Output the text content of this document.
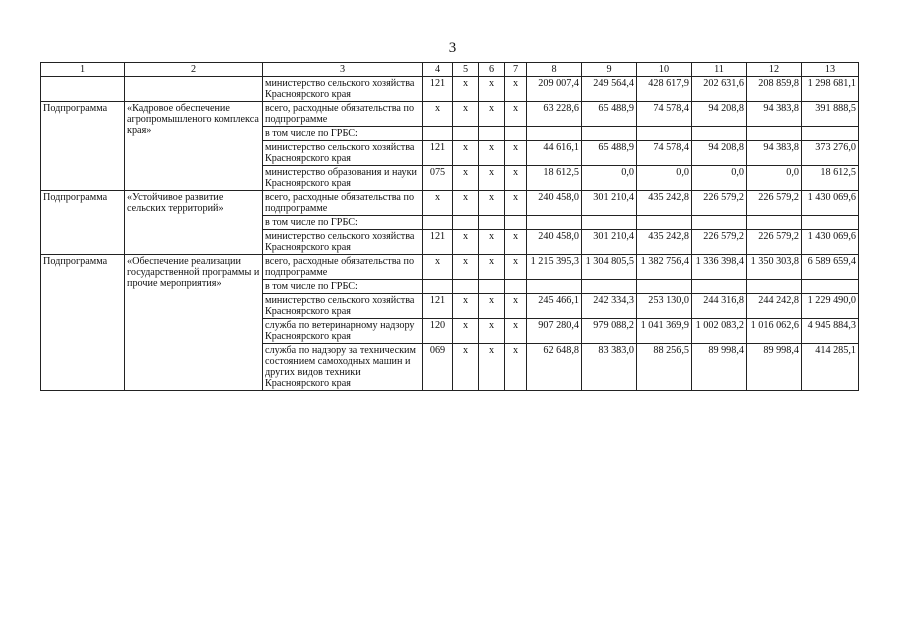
3
1	2	3	4	5	6	7	8	9	10	11	12	13
		министерство сельского хозяйства Красноярского края	121	х	х	х	209 007,4	249 564,4	428 617,9	202 631,6	208 859,8	1 298 681,1
Подпрограмма	«Кадровое обеспечение агропромышленого комплекса края»	всего, расходные обязательства по подпрограмме	х	х	х	х	63 228,6	65 488,9	74 578,4	94 208,8	94 383,8	391 888,5
		в том числе по ГРБС:										
		министерство сельского хозяйства Красноярского края	121	х	х	х	44 616,1	65 488,9	74 578,4	94 208,8	94 383,8	373 276,0
		министерство образования и науки Красноярского края	075	х	х	х	18 612,5	0,0	0,0	0,0	0,0	18 612,5
Подпрограмма	«Устойчивое развитие сельских территорий»	всего, расходные обязательства по подпрограмме	х	х	х	х	240 458,0	301 210,4	435 242,8	226 579,2	226 579,2	1 430 069,6
		в том числе по ГРБС:										
		министерство сельского хозяйства Красноярского края	121	х	х	х	240 458,0	301 210,4	435 242,8	226 579,2	226 579,2	1 430 069,6
Подпрограмма	«Обеспечение реализации государственной программы и прочие мероприятия»	всего, расходные обязательства по подпрограмме	х	х	х	х	1 215 395,3	1 304 805,5	1 382 756,4	1 336 398,4	1 350 303,8	6 589 659,4
		в том числе по ГРБС:										
		министерство сельского хозяйства Красноярского края	121	х	х	х	245 466,1	242 334,3	253 130,0	244 316,8	244 242,8	1 229 490,0
		служба по ветеринарному надзору Красноярского края	120	х	х	х	907 280,4	979 088,2	1 041 369,9	1 002 083,2	1 016 062,6	4 945 884,3
		служба по надзору за техническим состоянием самоходных машин и других видов техники Красноярского края	069	х	х	х	62 648,8	83 383,0	88 256,5	89 998,4	89 998,4	414 285,1
